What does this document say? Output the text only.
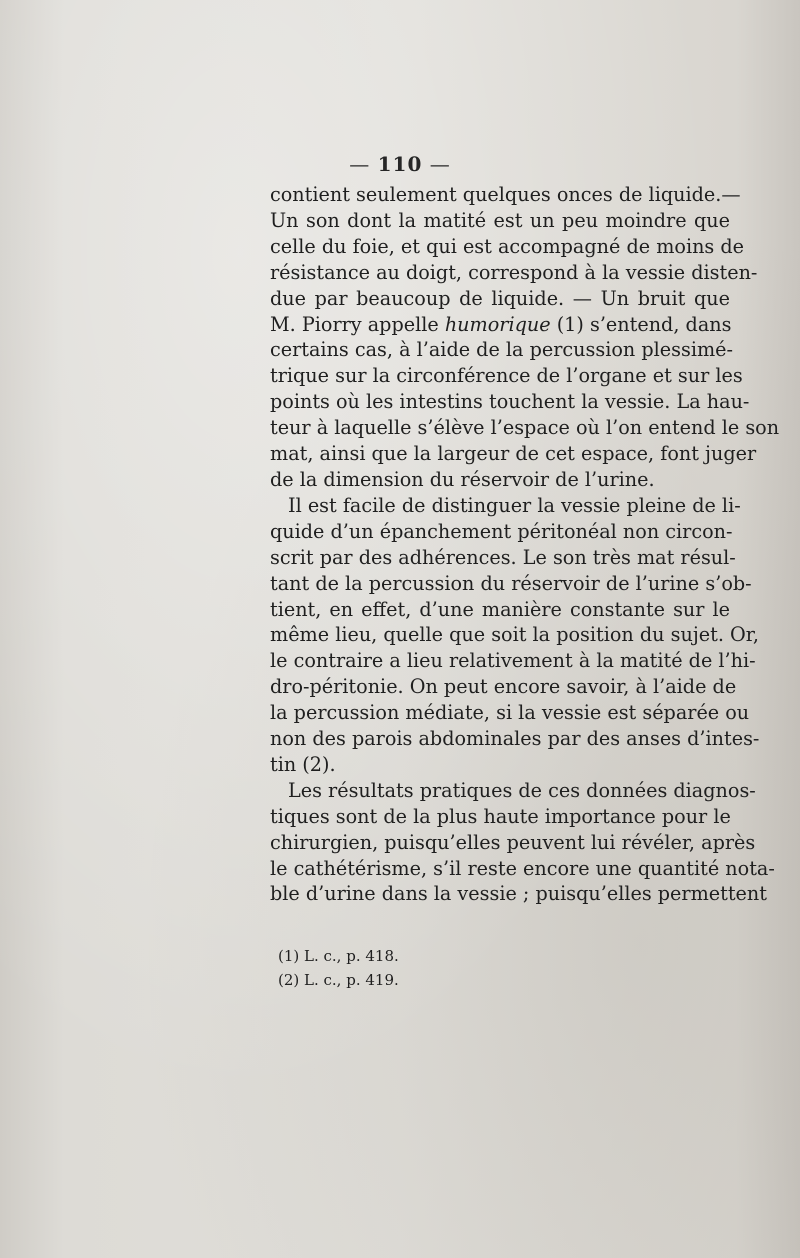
— 110 —
contient seulement quelques onces de liquide.—
Un son dont la matité est un peu moindre que
celle du foie, et qui est accompagné de moins de
résistance au doigt, correspond à la vessie disten-
due par beaucoup de liquide. — Un bruit que
M. Piorry appelle humorique (1) s’entend, dans
certains cas, à l’aide de la percussion plessimé-
trique sur la circonférence de l’organe et sur les
points où les intestins touchent la vessie. La hau-
teur à laquelle s’élève l’espace où l’on entend le son
mat, ainsi que la largeur de cet espace, font juger
de la dimension du réservoir de l’urine.
Il est facile de distinguer la vessie pleine de li-
quide d’un épanchement péritonéal non circon-
scrit par des adhérences. Le son très mat résul-
tant de la percussion du réservoir de l’urine s’ob-
tient, en effet, d’une manière constante sur le
même lieu, quelle que soit la position du sujet. Or,
le contraire a lieu relativement à la matité de l’hi-
dro-péritonie. On peut encore savoir, à l’aide de
la percussion médiate, si la vessie est séparée ou
non des parois abdominales par des anses d’intes-
tin (2).
Les résultats pratiques de ces données diagnos-
tiques sont de la plus haute importance pour le
chirurgien, puisqu’elles peuvent lui révéler, après
le cathétérisme, s’il reste encore une quantité nota-
ble d’urine dans la vessie ; puisqu’elles permettent
(1) L. c., p. 418.
(2) L. c., p. 419.
